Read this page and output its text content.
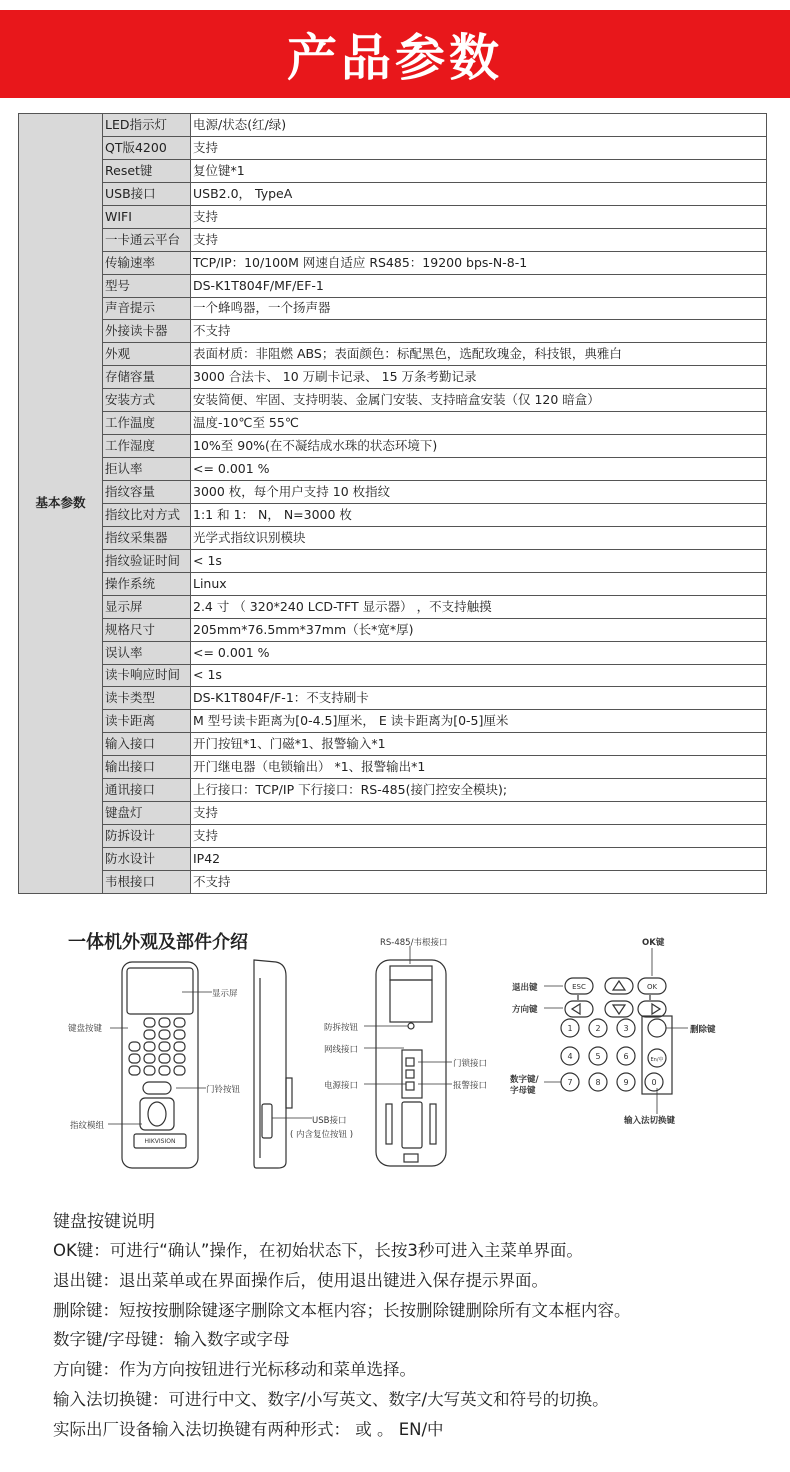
产品参数
基本参数	LED指示灯	电源/状态(红/绿)
	QT版4200	支持
	Reset键	复位键*1
	USB接口	USB2.0， TypeA
	WIFI	支持
	一卡通云平台	支持
	传输速率	TCP/IP：10/100M 网速自适应 RS485：19200 bps-N-8-1
	型号	DS-K1T804F/MF/EF-1
	声音提示	一个蜂鸣器，一个扬声器
	外接读卡器	不支持
	外观	表面材质：非阻燃 ABS；表面颜色：标配黑色，选配玫瑰金，科技银，典雅白
	存储容量	3000 合法卡、 10 万刷卡记录、 15 万条考勤记录
	安装方式	安装简便、牢固、支持明装、金属门安装、支持暗盒安装（仅 120 暗盒）
	工作温度	温度-10℃至 55℃
	工作湿度	10%至 90%(在不凝结成水珠的状态环境下)
	拒认率	<= 0.001 %
	指纹容量	3000 枚，每个用户支持 10 枚指纹
	指纹比对方式	1:1 和 1： N， N=3000 枚
	指纹采集器	光学式指纹识别模块
	指纹验证时间	< 1s
	操作系统	Linux
	显示屏	2.4 寸 （ 320*240 LCD-TFT 显示器） ，不支持触摸
	规格尺寸	205mm*76.5mm*37mm（长*宽*厚)
	误认率	<= 0.001 %
	读卡响应时间	< 1s
	读卡类型	DS-K1T804F/F-1：不支持刷卡
	读卡距离	M 型号读卡距离为[0-4.5]厘米， E 读卡距离为[0-5]厘米
	输入接口	开门按钮*1、门磁*1、报警输入*1
	输出接口	开门继电器（电锁输出） *1、报警输出*1
	通讯接口	上行接口：TCP/IP 下行接口：RS-485(接门控安全模块);
	键盘灯	支持
	防拆设计	支持
	防水设计	IP42
	韦根接口	不支持
一体机外观及部件介绍
HIKVISION
1	2	3
4	5	6
7	8	9	0
ESC	OK
En/中
显示屏
键盘按键
门铃按钮
指纹模组	USB接口
( 内含复位按钮 )
RS-485/韦根接口
防拆按钮
网线接口
电源接口
门锁接口
报警接口
OK键
退出键
方向键
删除键
数字键/
字母键
输入法切换键
键盘按键说明
OK键：可进行“确认”操作，在初始状态下，长按3秒可进入主菜单界面。
退出键：退出菜单或在界面操作后，使用退出键进入保存提示界面。
删除键：短按按删除键逐字删除文本框内容；长按删除键删除所有文本框内容。
数字键/字母键：输入数字或字母
方向键：作为方向按钮进行光标移动和菜单选择。
输入法切换键：可进行中文、数字/小写英文、数字/大写英文和符号的切换。
实际出厂设备输入法切换键有两种形式： 或 。 EN/中
